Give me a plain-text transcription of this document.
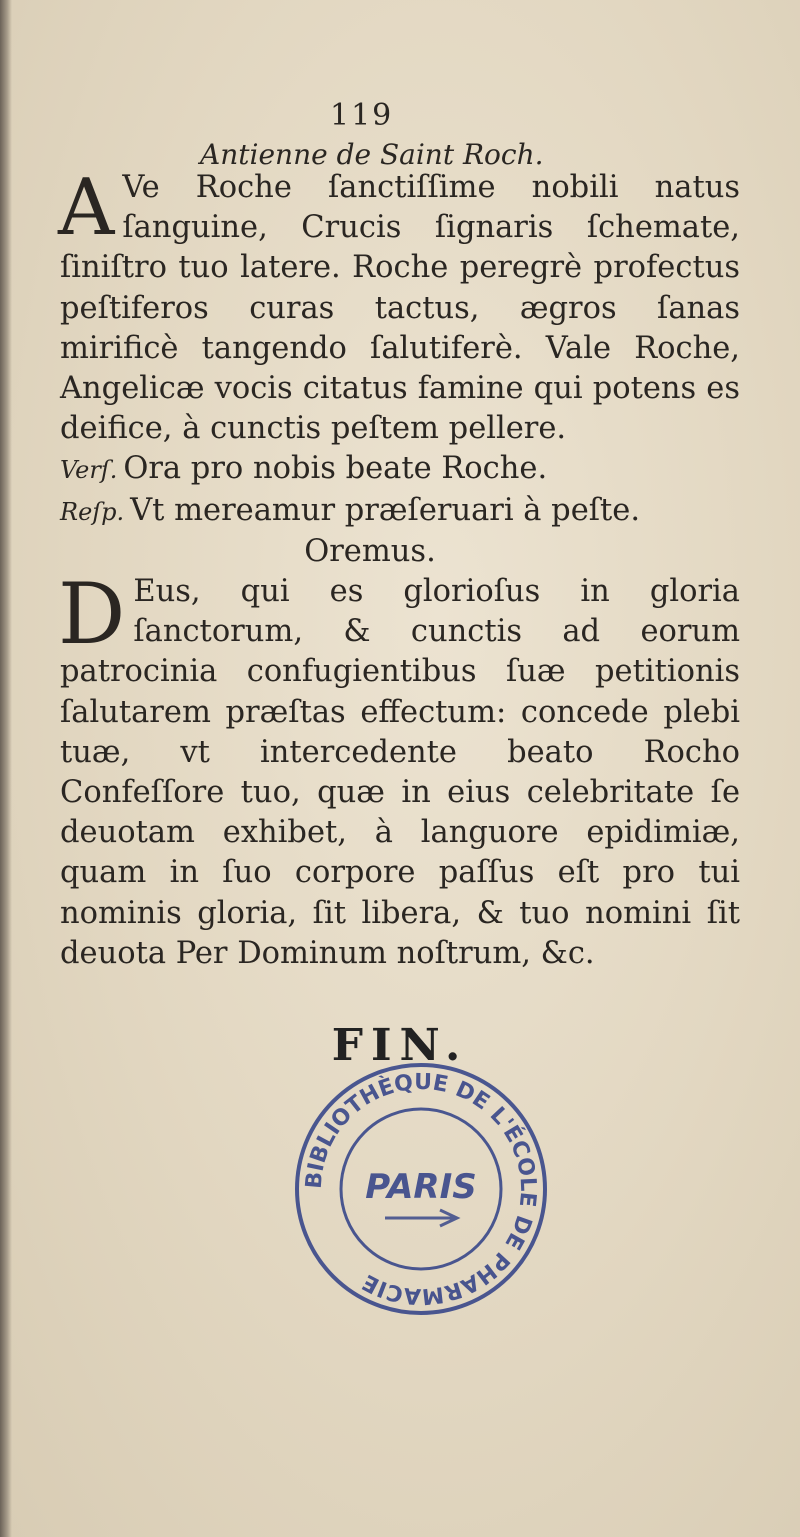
119
Antienne de Saint Roch.

A Ve Roche ſanctiſſime nobili natus ſanguine, Crucis ſignaris ſchemate, ſiniſtro tuo latere. Roche peregrè profectus peſtiferos curas tactus, ægros ſanas mirificè tangendo ſalutiferè. Vale Roche, Angelicæ vocis citatus famine qui potens es deifice, à cunctis peſtem pellere.

Verſ. Ora pro nobis beate Roche.

Reſp. Vt mereamur præſeruari à peſte.

Oremus.

D Eus, qui es glorioſus in gloria ſanctorum, & cunctis ad eorum patrocinia confugientibus ſuæ petitionis ſalutarem præſtas effectum: concede plebi tuæ, vt intercedente beato Rocho Confeſſore tuo, quæ in eius celebritate ſe deuotam exhibet, à languore epidimiæ, quam in ſuo corpore paſſus eſt pro tui nominis gloria, ſit libera, & tuo nomini ſit deuota Per Dominum noſtrum, &c.

FIN.
BIBLIOTHÈQUE DE L'ÉCOLE DE PHARMACIE
PARIS
